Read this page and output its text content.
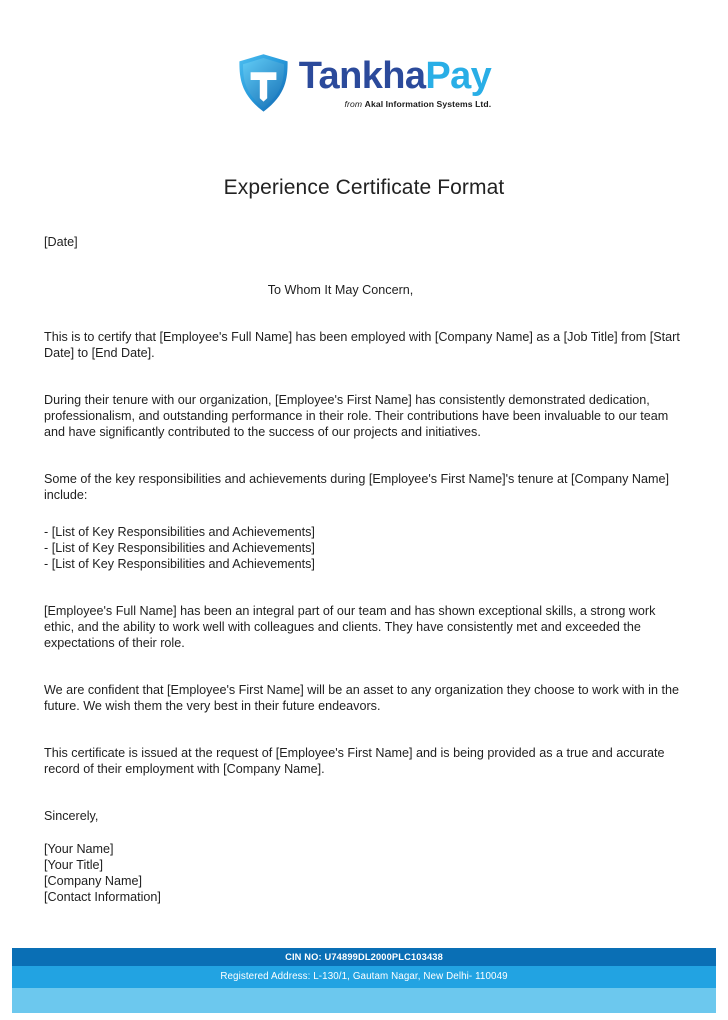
TankhaPay
from Akal Information Systems Ltd.
Experience Certificate Format

[Date]

To Whom It May Concern,

This is to certify that [Employee's Full Name] has been employed with [Company Name] as a [Job Title] from [Start Date] to [End Date].

During their tenure with our organization, [Employee's First Name] has consistently demonstrated dedication, professionalism, and outstanding performance in their role. Their contributions have been invaluable to our team and have significantly contributed to the success of our projects and initiatives.

Some of the key responsibilities and achievements during [Employee's First Name]'s tenure at [Company Name] include:

- [List of Key Responsibilities and Achievements]

- [List of Key Responsibilities and Achievements]

- [List of Key Responsibilities and Achievements]

[Employee's Full Name] has been an integral part of our team and has shown exceptional skills, a strong work ethic, and the ability to work well with colleagues and clients. They have consistently met and exceeded the expectations of their role.

We are confident that [Employee's First Name] will be an asset to any organization they choose to work with in the future. We wish them the very best in their future endeavors.

This certificate is issued at the request of [Employee's First Name] and is being provided as a true and accurate record of their employment with [Company Name].

Sincerely,

[Your Name]

[Your Title]

[Company Name]

[Contact Information]

CIN NO: U74899DL2000PLC103438
Registered Address: L-130/1, Gautam Nagar, New Delhi- 110049
